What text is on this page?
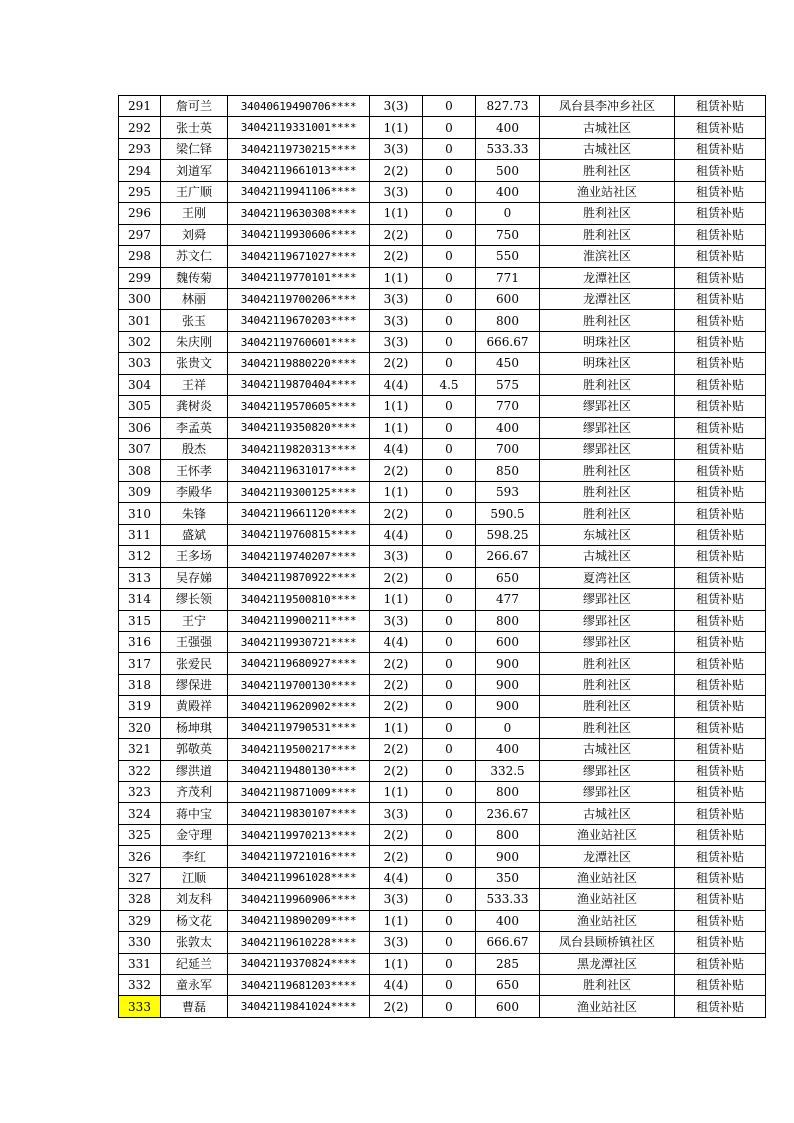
291	詹可兰	34040619490706****	3(3)	0	827.73	凤台县李冲乡社区	租赁补贴
292	张士英	34042119331001****	1(1)	0	400	古城社区	租赁补贴
293	梁仁铎	34042119730215****	3(3)	0	533.33	古城社区	租赁补贴
294	刘道军	34042119661013****	2(2)	0	500	胜利社区	租赁补贴
295	王广顺	34042119941106****	3(3)	0	400	渔业站社区	租赁补贴
296	王刚	34042119630308****	1(1)	0	0	胜利社区	租赁补贴
297	刘舜	34042119930606****	2(2)	0	750	胜利社区	租赁补贴
298	苏文仁	34042119671027****	2(2)	0	550	淮滨社区	租赁补贴
299	魏传菊	34042119770101****	1(1)	0	771	龙潭社区	租赁补贴
300	林丽	34042119700206****	3(3)	0	600	龙潭社区	租赁补贴
301	张玉	34042119670203****	3(3)	0	800	胜利社区	租赁补贴
302	朱庆刚	34042119760601****	3(3)	0	666.67	明珠社区	租赁补贴
303	张贵文	34042119880220****	2(2)	0	450	明珠社区	租赁补贴
304	王祥	34042119870404****	4(4)	4.5	575	胜利社区	租赁补贴
305	龚树炎	34042119570605****	1(1)	0	770	缪郢社区	租赁补贴
306	李孟英	34042119350820****	1(1)	0	400	缪郢社区	租赁补贴
307	殷杰	34042119820313****	4(4)	0	700	缪郢社区	租赁补贴
308	王怀孝	34042119631017****	2(2)	0	850	胜利社区	租赁补贴
309	李殿华	34042119300125****	1(1)	0	593	胜利社区	租赁补贴
310	朱锋	34042119661120****	2(2)	0	590.5	胜利社区	租赁补贴
311	盛斌	34042119760815****	4(4)	0	598.25	东城社区	租赁补贴
312	王多场	34042119740207****	3(3)	0	266.67	古城社区	租赁补贴
313	吴存娣	34042119870922****	2(2)	0	650	夏湾社区	租赁补贴
314	缪长领	34042119500810****	1(1)	0	477	缪郢社区	租赁补贴
315	王宁	34042119900211****	3(3)	0	800	缪郢社区	租赁补贴
316	王强强	34042119930721****	4(4)	0	600	缪郢社区	租赁补贴
317	张爱民	34042119680927****	2(2)	0	900	胜利社区	租赁补贴
318	缪保进	34042119700130****	2(2)	0	900	胜利社区	租赁补贴
319	黄殿祥	34042119620902****	2(2)	0	900	胜利社区	租赁补贴
320	杨坤琪	34042119790531****	1(1)	0	0	胜利社区	租赁补贴
321	郭敬英	34042119500217****	2(2)	0	400	古城社区	租赁补贴
322	缪洪道	34042119480130****	2(2)	0	332.5	缪郢社区	租赁补贴
323	齐茂利	34042119871009****	1(1)	0	800	缪郢社区	租赁补贴
324	蒋中宝	34042119830107****	3(3)	0	236.67	古城社区	租赁补贴
325	金守理	34042119970213****	2(2)	0	800	渔业站社区	租赁补贴
326	李红	34042119721016****	2(2)	0	900	龙潭社区	租赁补贴
327	江顺	34042119961028****	4(4)	0	350	渔业站社区	租赁补贴
328	刘友科	34042119960906****	3(3)	0	533.33	渔业站社区	租赁补贴
329	杨文花	34042119890209****	1(1)	0	400	渔业站社区	租赁补贴
330	张敦太	34042119610228****	3(3)	0	666.67	凤台县顾桥镇社区	租赁补贴
331	纪延兰	34042119370824****	1(1)	0	285	黑龙潭社区	租赁补贴
332	童永军	34042119681203****	4(4)	0	650	胜利社区	租赁补贴
333	曹磊	34042119841024****	2(2)	0	600	渔业站社区	租赁补贴
